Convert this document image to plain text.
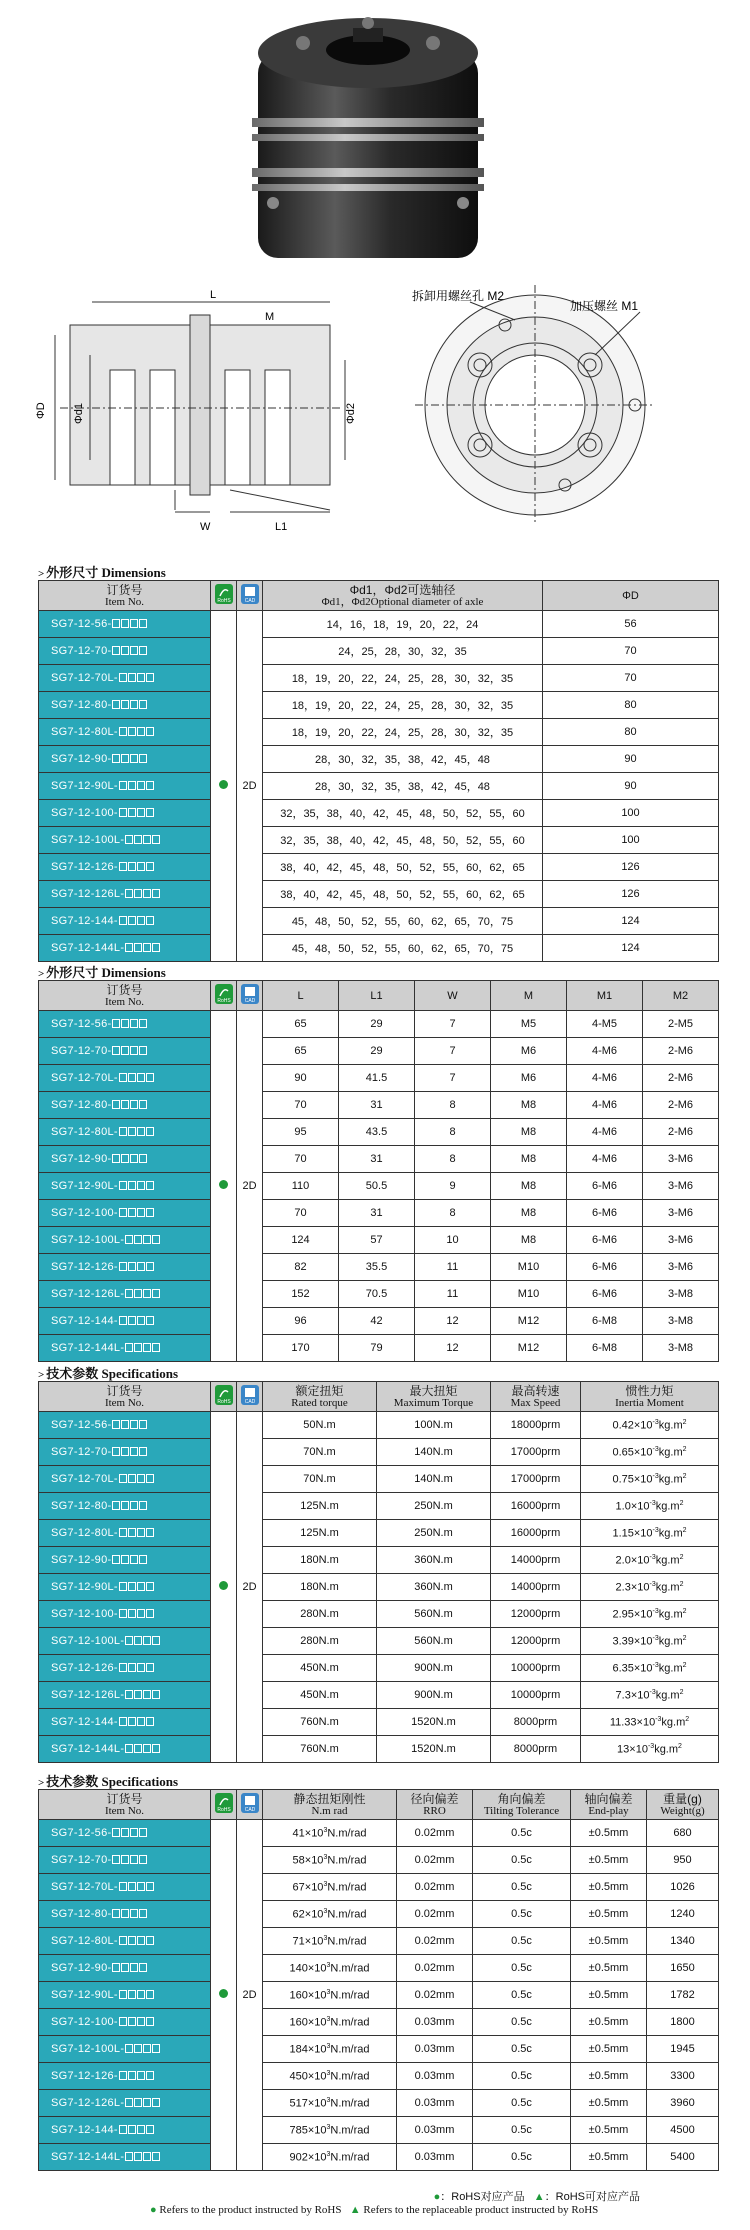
L
M
ΦD Φd1	Φd2
W	L1
拆卸用螺丝孔 M2
加压螺丝 M1
> 外形尺寸 Dimensions
订货号
Item No.	RoHS	CAD	Φd1，Φd2可选轴径
Φd1，Φd2Optional diameter of axle	ΦD
SG7-12-56-		2D	14，16，18，19，20，22，24	56
SG7-12-70-			24，25，28，30，32，35	70
SG7-12-70L-			18，19，20，22，24，25，28，30，32，35	70
SG7-12-80-			18，19，20，22，24，25，28，30，32，35	80
SG7-12-80L-			18，19，20，22，24，25，28，30，32，35	80
SG7-12-90-			28，30，32，35，38，42，45，48	90
SG7-12-90L-			28，30，32，35，38，42，45，48	90
SG7-12-100-			32，35，38，40，42，45，48，50，52，55，60	100
SG7-12-100L-			32，35，38，40，42，45，48，50，52，55，60	100
SG7-12-126-			38，40，42，45，48，50，52，55，60，62，65	126
SG7-12-126L-			38，40，42，45，48，50，52，55，60，62，65	126
SG7-12-144-			45，48，50，52，55，60，62，65，70，75	124
SG7-12-144L-			45，48，50，52，55，60，62，65，70，75	124
> 外形尺寸 Dimensions
订货号
Item No.	RoHS	CAD	L	L1	W	M	M1	M2
SG7-12-56-		2D	65	29	7	M5	4-M5	2-M5
SG7-12-70-			65	29	7	M6	4-M6	2-M6
SG7-12-70L-			90	41.5	7	M6	4-M6	2-M6
SG7-12-80-			70	31	8	M8	4-M6	2-M6
SG7-12-80L-			95	43.5	8	M8	4-M6	2-M6
SG7-12-90-			70	31	8	M8	4-M6	3-M6
SG7-12-90L-			110	50.5	9	M8	6-M6	3-M6
SG7-12-100-			70	31	8	M8	6-M6	3-M6
SG7-12-100L-			124	57	10	M8	6-M6	3-M6
SG7-12-126-			82	35.5	11	M10	6-M6	3-M6
SG7-12-126L-			152	70.5	11	M10	6-M6	3-M8
SG7-12-144-			96	42	12	M12	6-M8	3-M8
SG7-12-144L-			170	79	12	M12	6-M8	3-M8
> 技术参数 Specifications
订货号
Item No.	RoHS	CAD	额定扭矩
Rated torque	最大扭矩
Maximum Torque	最高转速
Max Speed	惯性力矩
Inertia Moment

SG7-12-56-		2D	50N.m	100N.m	18000prm	$0.42\times 10^{-3}kg.m^2$
SG7-12-70-			70N.m	140N.m	17000prm	$0.65\times 10^{-3}kg.m^2$
SG7-12-70L-			70N.m	140N.m	17000prm	$0.75\times 10^{-3}kg.m^2$
SG7-12-80-			125N.m	250N.m	16000prm	$1.0\times 10^{-3}kg.m^2$
SG7-12-80L-			125N.m	250N.m	16000prm	$1.15\times 10^{-3}kg.m^2$
SG7-12-90-			180N.m	360N.m	14000prm	$2.0\times 10^{-3}kg.m^2$
SG7-12-90L-			180N.m	360N.m	14000prm	$2.3\times 10^{-3}kg.m^2$
SG7-12-100-			280N.m	560N.m	12000prm	$2.95\times 10^{-3}kg.m^2$
SG7-12-100L-			280N.m	560N.m	12000prm	$3.39\times 10^{-3}kg.m^2$
SG7-12-126-			450N.m	900N.m	10000prm	$6.35\times 10^{-3}kg.m^2$
SG7-12-126L-			450N.m	900N.m	10000prm	$7.3\times 10^{-3}kg.m^2$
SG7-12-144-			760N.m	1520N.m	8000prm	$11.33\times 10^{-3}kg.m^2$
SG7-12-144L-			760N.m	1520N.m	8000prm	$13\times 10^{-3}kg.m^2$
> 技术参数 Specifications
订货号
Item No.	RoHS	CAD	静态扭矩刚性
N.m rad	径向偏差
RRO	角向偏差
Tilting Tolerance	轴向偏差
End-play	重量(g)
Weight(g)

SG7-12-56-		2D	$41\times 10^3N.m$/rad	0.02mm	0.5c	±0.5mm	680
SG7-12-70-			$58\times 10^3N.m$/rad	0.02mm	0.5c	±0.5mm	950
SG7-12-70L-			$67\times 10^3N.m$/rad	0.02mm	0.5c	±0.5mm	1026
SG7-12-80-			$62\times 10^3N.m$/rad	0.02mm	0.5c	±0.5mm	1240
SG7-12-80L-			$71\times 10^3N.m$/rad	0.02mm	0.5c	±0.5mm	1340
SG7-12-90-			$140\times 10^3N.m$/rad	0.02mm	0.5c	±0.5mm	1650
SG7-12-90L-			$160\times 10^3N.m$/rad	0.02mm	0.5c	±0.5mm	1782
SG7-12-100-			$160\times 10^3N.m$/rad	0.03mm	0.5c	±0.5mm	1800
SG7-12-100L-			$184\times 10^3N.m$/rad	0.03mm	0.5c	±0.5mm	1945
SG7-12-126-			$450\times 10^3N.m$/rad	0.03mm	0.5c	±0.5mm	3300
SG7-12-126L-			$517\times 10^3N.m$/rad	0.03mm	0.5c	±0.5mm	3960
SG7-12-144-			$785\times 10^3N.m$/rad	0.03mm	0.5c	±0.5mm	4500
SG7-12-144L-			$902\times 10^3N.m$/rad	0.03mm	0.5c	±0.5mm	5400
●：RoHS对应产品 ▲：RoHS可对应产品
● Refers to the product instructed by RoHS ▲ Refers to the replaceable product instructed by RoHS
